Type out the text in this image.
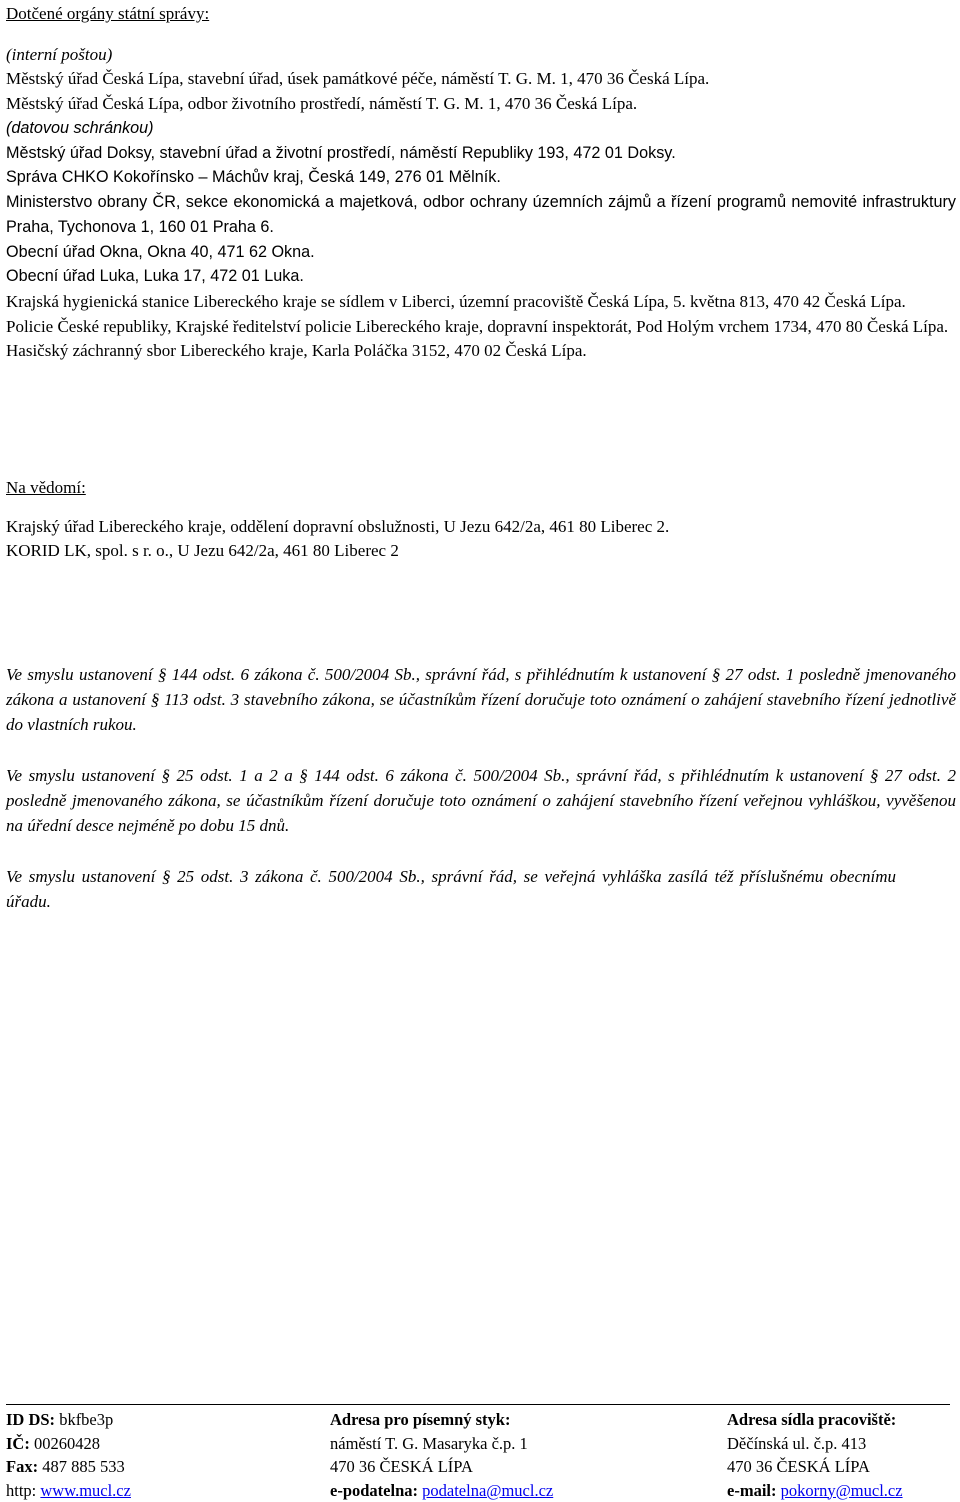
Dotčené orgány státní správy:
(interní poštou)
Městský úřad Česká Lípa, stavební úřad, úsek památkové péče, náměstí T. G. M. 1, 470 36 Česká Lípa.
Městský úřad Česká Lípa, odbor životního prostředí, náměstí T. G. M. 1, 470 36 Česká Lípa.
(datovou schránkou)
Městský úřad Doksy, stavební úřad a životní prostředí, náměstí Republiky 193, 472 01 Doksy.
Správa CHKO Kokořínsko – Máchův kraj, Česká 149, 276 01 Mělník.
Ministerstvo obrany ČR, sekce ekonomická a majetková, odbor ochrany územních zájmů a řízení programů nemovité infrastruktury Praha, Tychonova 1, 160 01 Praha 6.
Obecní úřad Okna, Okna 40, 471 62 Okna.
Obecní úřad Luka, Luka 17, 472 01 Luka.
Krajská hygienická stanice Libereckého kraje se sídlem v Liberci, územní pracoviště Česká Lípa, 5. května 813, 470 42 Česká Lípa.
Policie České republiky, Krajské ředitelství policie Libereckého kraje, dopravní inspektorát, Pod Holým vrchem 1734, 470 80 Česká Lípa.
Hasičský záchranný sbor Libereckého kraje, Karla Poláčka 3152, 470 02 Česká Lípa.
Na vědomí:
Krajský úřad Libereckého kraje, oddělení dopravní obslužnosti, U Jezu 642/2a, 461 80 Liberec 2.
KORID LK, spol. s r. o., U Jezu 642/2a, 461 80 Liberec 2
Ve smyslu ustanovení § 144 odst. 6 zákona č. 500/2004 Sb., správní řád, s přihlédnutím k ustanovení § 27 odst. 1 posledně jmenovaného zákona a ustanovení § 113 odst. 3 stavebního zákona, se účastníkům řízení doručuje toto oznámení o zahájení stavebního řízení jednotlivě do vlastních rukou.
Ve smyslu ustanovení § 25 odst. 1 a 2 a § 144 odst. 6 zákona č. 500/2004 Sb., správní řád, s přihlédnutím k ustanovení § 27 odst. 2 posledně jmenovaného zákona, se účastníkům řízení doručuje toto oznámení o zahájení stavebního řízení veřejnou vyhláškou, vyvěšenou na úřední desce nejméně po dobu 15 dnů.
Ve smyslu ustanovení § 25 odst. 3 zákona č. 500/2004 Sb., správní řád, se veřejná vyhláška zasílá též příslušnému obecnímu úřadu.
ID DS: bkfbe3p
IČ: 00260428
Fax: 487 885 533
http: www.mucl.cz
Adresa pro písemný styk:
náměstí T. G. Masaryka č.p. 1
470 36 ČESKÁ LÍPA
e-podatelna: podatelna@mucl.cz
Adresa sídla pracoviště:
Děčínská ul. č.p. 413
470 36 ČESKÁ LÍPA
e-mail: pokorny@mucl.cz
